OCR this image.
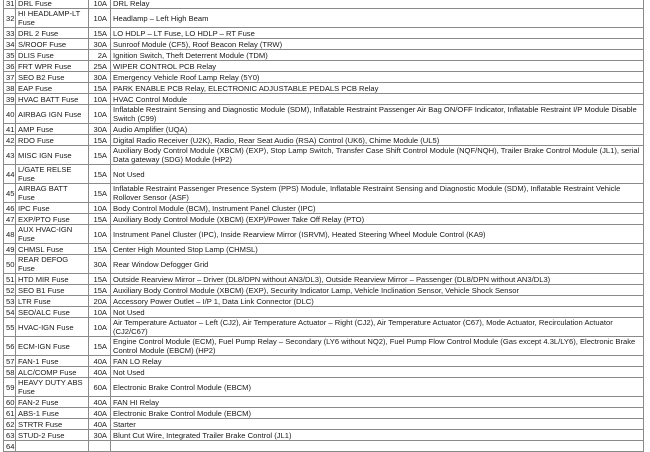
31	DRL Fuse	10A	DRL Relay
32	HI HEADLAMP-LT Fuse	10A	Headlamp – Left High Beam
33	DRL 2 Fuse	15A	LO HDLP – LT Fuse, LO HDLP – RT Fuse
34	S/ROOF Fuse	30A	Sunroof Module (CF5), Roof Beacon Relay (TRW)
35	DLIS Fuse	2A	Ignition Switch, Theft Deterrent Module (TDM)
36	FRT WPR Fuse	25A	WIPER CONTROL PCB Relay
37	SEO B2 Fuse	30A	Emergency Vehicle Roof Lamp Relay (5Y0)
38	EAP Fuse	15A	PARK ENABLE PCB Relay, ELECTRONIC ADJUSTABLE PEDALS PCB Relay
39	HVAC BATT Fuse	10A	HVAC Control Module
40	AIRBAG IGN Fuse	10A	Inflatable Restraint Sensing and Diagnostic Module (SDM), Inflatable Restraint Passenger Air Bag ON/OFF Indicator, Inflatable Restraint I/P Module Disable Switch (C99)
41	AMP Fuse	30A	Audio Amplifier (UQA)
42	RDO Fuse	15A	Digital Radio Receiver (U2K), Radio, Rear Seat Audio (RSA) Control (UK6), Chime Module (UL5)
43	MISC IGN Fuse	15A	Auxiliary Body Control Module (XBCM) (EXP), Stop Lamp Switch, Transfer Case Shift Control Module (NQF/NQH), Trailer Brake Control Module (JL1), serial Data gateway (SDG) Module (HP2)
44	L/GATE RELSE Fuse	15A	Not Used
45	AIRBAG BATT Fuse	15A	Inflatable Restraint Passenger Presence System (PPS) Module, Inflatable Restraint Sensing and Diagnostic Module (SDM), Inflatable Restraint Vehicle Rollover Sensor (ASF)
46	IPC Fuse	10A	Body Control Module (BCM), Instrument Panel Cluster (IPC)
47	EXP/PTO Fuse	15A	Auxiliary Body Control Module (XBCM) (EXP)/Power Take Off Relay (PTO)
48	AUX HVAC-IGN Fuse	10A	Instrument Panel Cluster (IPC), Inside Rearview Mirror (ISRVM), Heated Steering Wheel Module Control (KA9)
49	CHMSL Fuse	15A	Center High Mounted Stop Lamp (CHMSL)
50	REAR DEFOG Fuse	30A	Rear Window Defogger Grid
51	HTD MIR Fuse	15A	Outside Rearview Mirror – Driver (DL8/DPN without AN3/DL3), Outside Rearview Mirror – Passenger (DL8/DPN without AN3/DL3)
52	SEO B1 Fuse	15A	Auxiliary Body Control Module (XBCM) (EXP), Security Indicator Lamp, Vehicle Inclination Sensor, Vehicle Shock Sensor
53	LTR Fuse	20A	Accessory Power Outlet – I/P 1, Data Link Connector (DLC)
54	SEO/ALC Fuse	10A	Not Used
55	HVAC-IGN Fuse	10A	Air Temperature Actuator – Left (CJ2), Air Temperature Actuator – Right (CJ2), Air Temperature Actuator (C67), Mode Actuator, Recirculation Actuator (CJ2/C67)
56	ECM-IGN Fuse	15A	Engine Control Module (ECM), Fuel Pump Relay – Secondary (LY6 without NQ2), Fuel Pump Flow Control Module (Gas except 4.3L/LY6), Electronic Brake Control Module (EBCM) (HP2)
57	FAN-1 Fuse	40A	FAN LO Relay
58	ALC/COMP Fuse	40A	Not Used
59	HEAVY DUTY ABS Fuse	60A	Electronic Brake Control Module (EBCM)
60	FAN-2 Fuse	40A	FAN HI Relay
61	ABS-1 Fuse	40A	Electronic Brake Control Module (EBCM)
62	STRTR Fuse	40A	Starter
63	STUD-2 Fuse	30A	Blunt Cut Wire, Integrated Trailer Brake Control (JL1)
64			
